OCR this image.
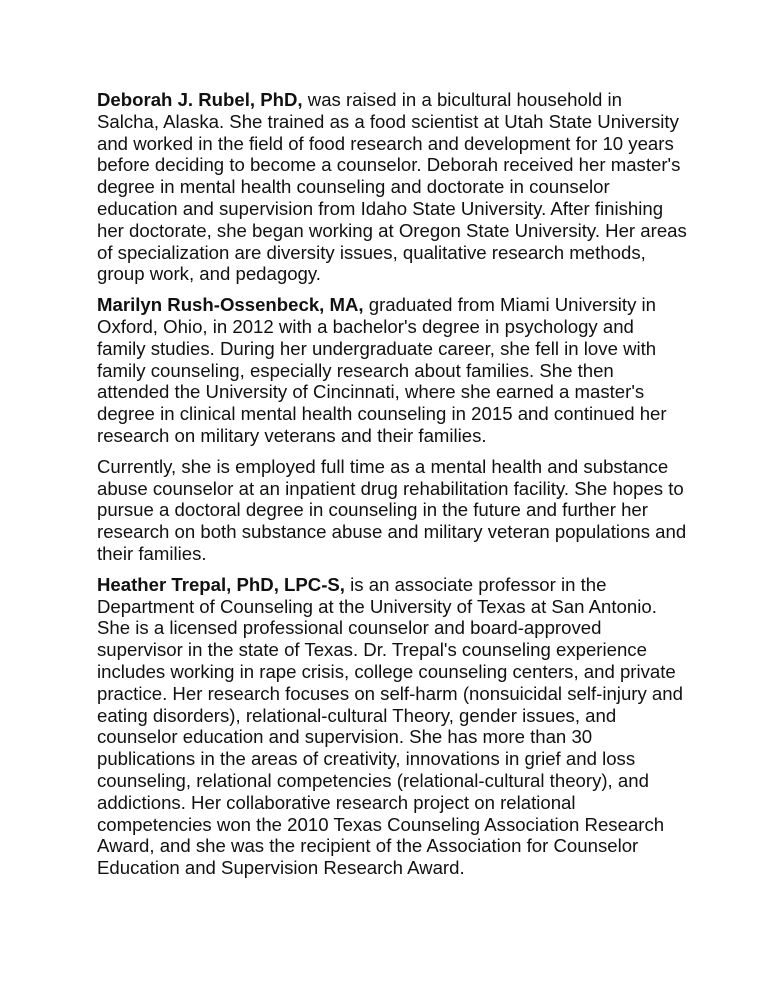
Deborah J. Rubel, PhD, was raised in a bicultural household in Salcha, Alaska. She trained as a food scientist at Utah State University and worked in the field of food research and development for 10 years before deciding to become a counselor. Deborah received her master's degree in mental health counseling and doctorate in counselor education and supervision from Idaho State University. After finishing her doctorate, she began working at Oregon State University. Her areas of specialization are diversity issues, qualitative research methods, group work, and pedagogy.

Marilyn Rush-Ossenbeck, MA, graduated from Miami University in Oxford, Ohio, in 2012 with a bachelor's degree in psychology and family studies. During her undergraduate career, she fell in love with family counseling, especially research about families. She then attended the University of Cincinnati, where she earned a master's degree in clinical mental health counseling in 2015 and continued her research on military veterans and their families.

Currently, she is employed full time as a mental health and substance abuse counselor at an inpatient drug rehabilitation facility. She hopes to pursue a doctoral degree in counseling in the future and further her research on both substance abuse and military veteran populations and their families.

Heather Trepal, PhD, LPC-S, is an associate professor in the Department of Counseling at the University of Texas at San Antonio. She is a licensed professional counselor and board-approved supervisor in the state of Texas. Dr. Trepal's counseling experience includes working in rape crisis, college counseling centers, and private practice. Her research focuses on self-harm (nonsuicidal self-injury and eating disorders), relational-cultural Theory, gender issues, and counselor education and supervision. She has more than 30 publications in the areas of creativity, innovations in grief and loss counseling, relational competencies (relational-cultural theory), and addictions. Her collaborative research project on relational competencies won the 2010 Texas Counseling Association Research Award, and she was the recipient of the Association for Counselor Education and Supervision Research Award.
